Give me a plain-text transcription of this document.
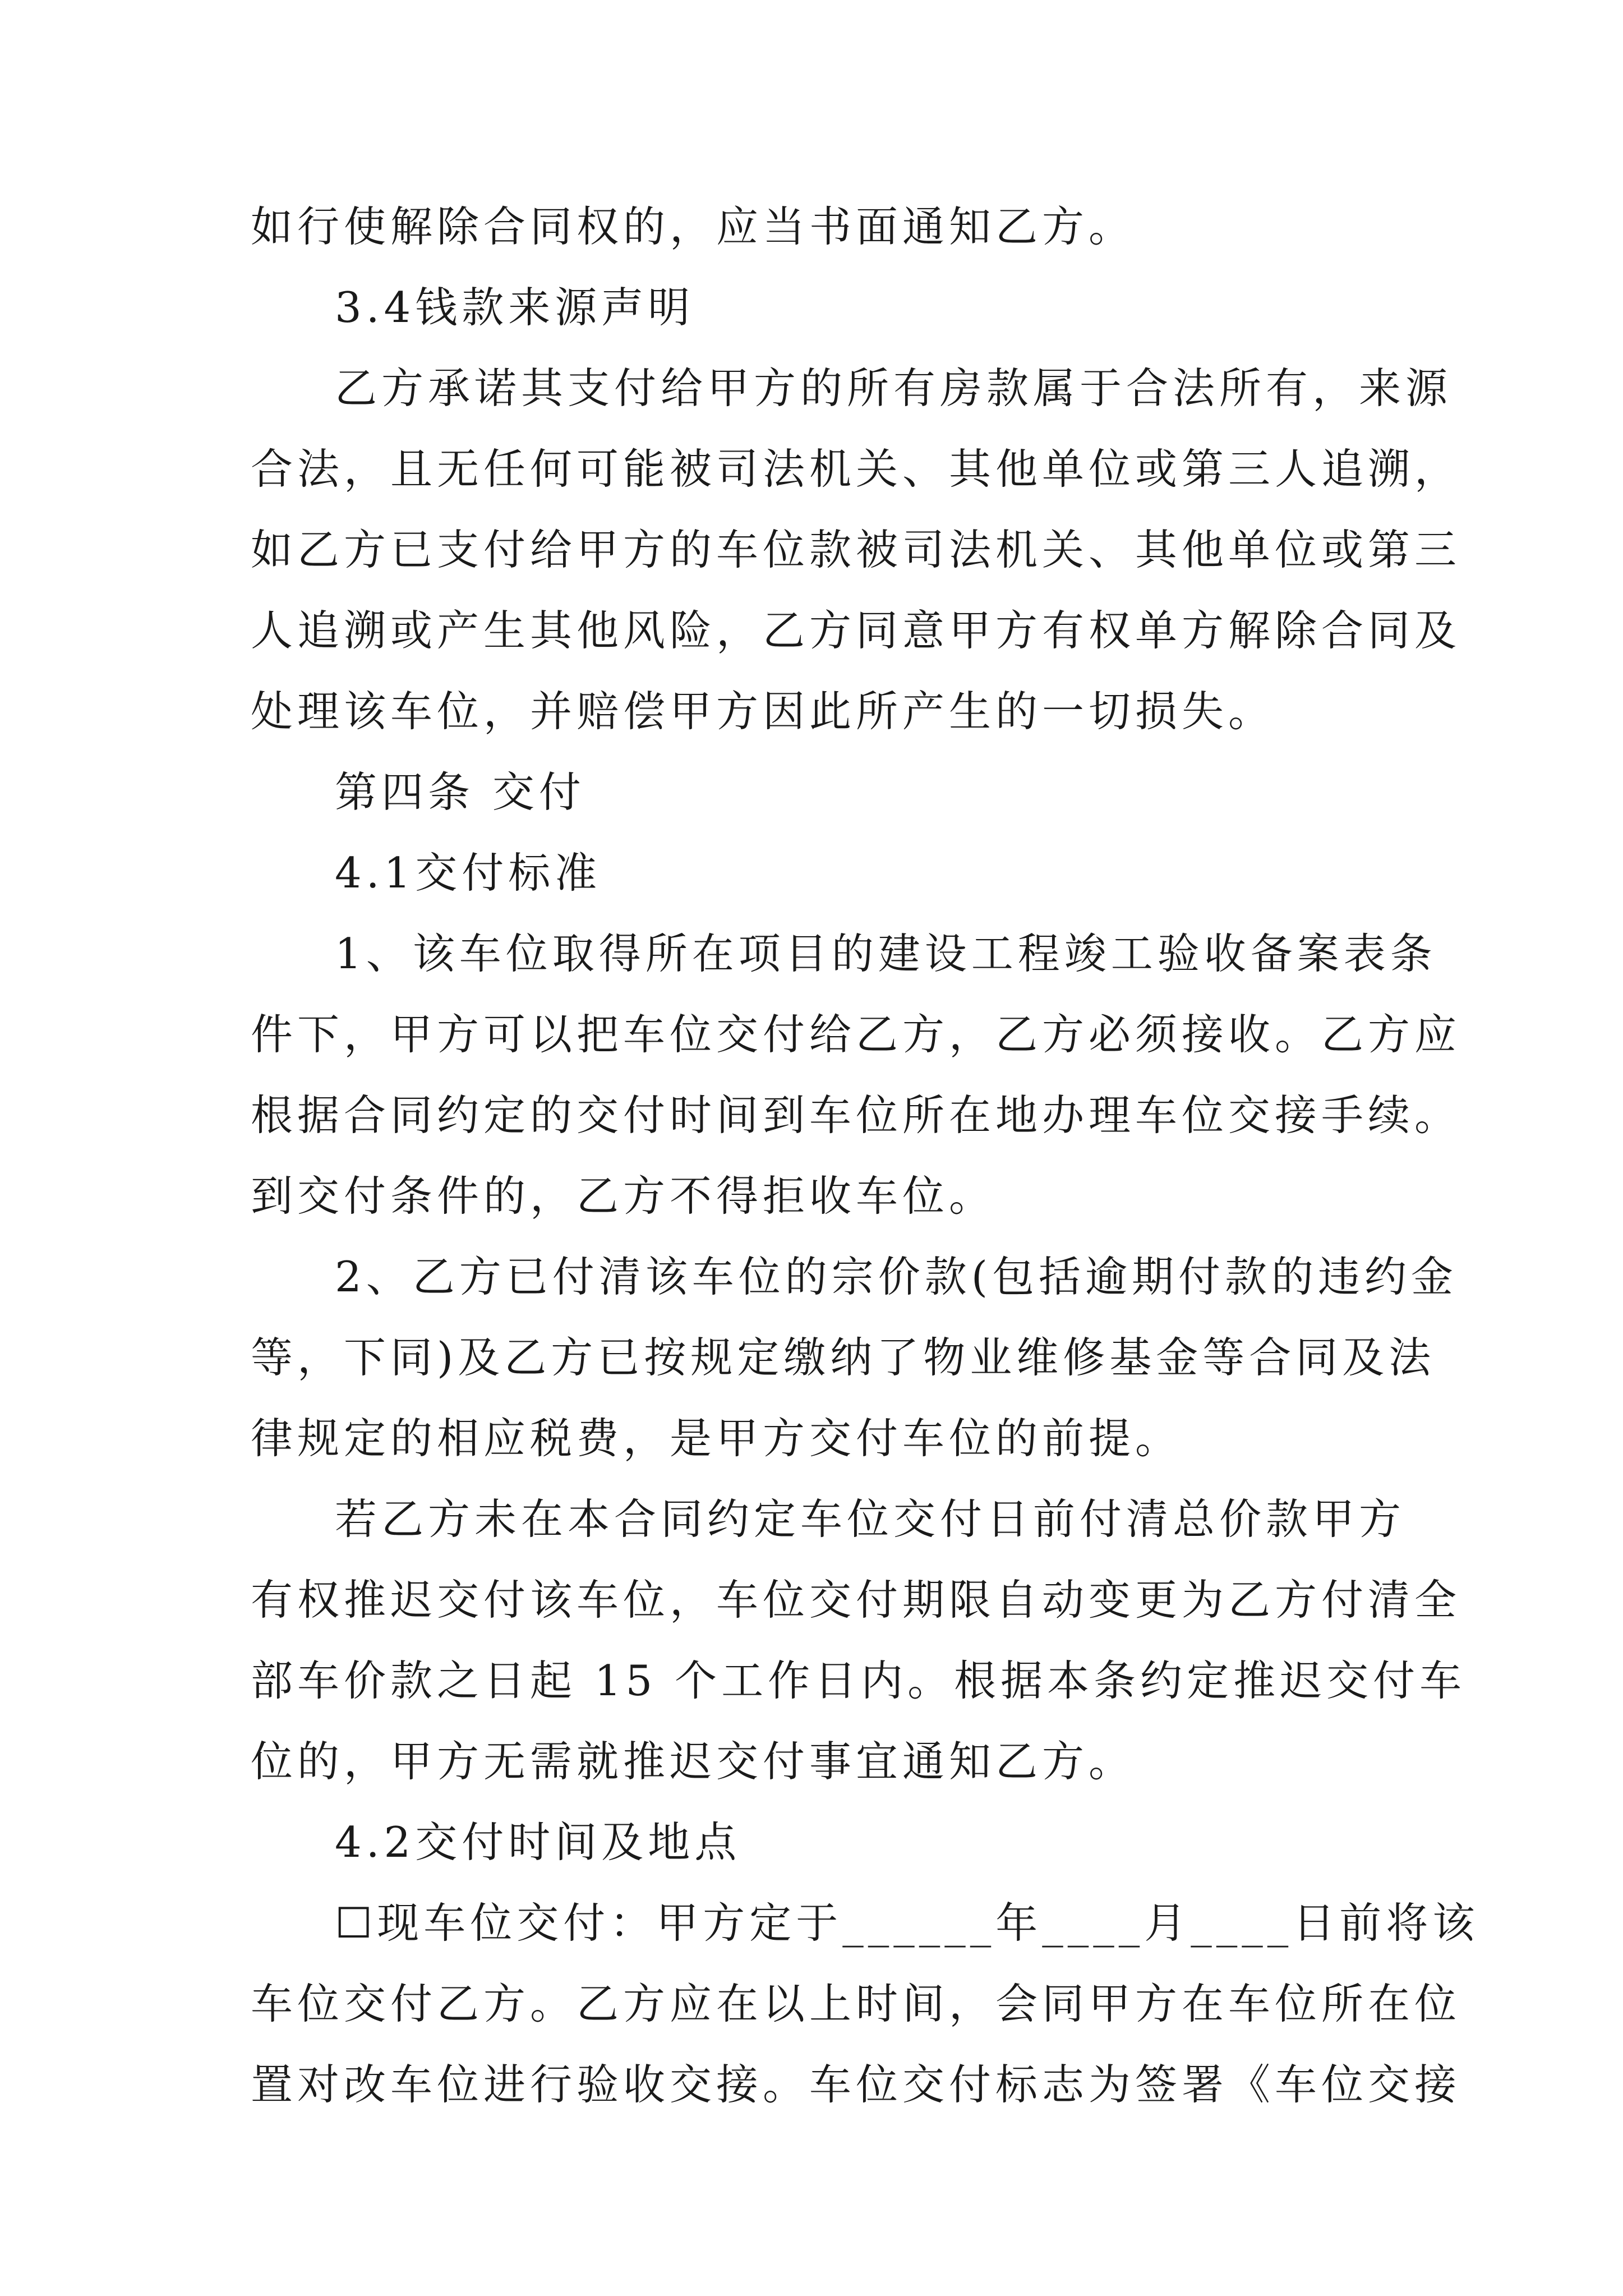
如行使解除合同权的，应当书面通知乙方。
3.4钱款来源声明
乙方承诺其支付给甲方的所有房款属于合法所有，来源
合法，且无任何可能被司法机关、其他单位或第三人追溯，
如乙方已支付给甲方的车位款被司法机关、其他单位或第三
人追溯或产生其他风险，乙方同意甲方有权单方解除合同及
处理该车位，并赔偿甲方因此所产生的一切损失。
第四条 交付
4.1交付标准
1、该车位取得所在项目的建设工程竣工验收备案表条
件下，甲方可以把车位交付给乙方，乙方必须接收。乙方应
根据合同约定的交付时间到车位所在地办理车位交接手续。
到交付条件的，乙方不得拒收车位。
2、乙方已付清该车位的宗价款(包括逾期付款的违约金
等，下同)及乙方已按规定缴纳了物业维修基金等合同及法
律规定的相应税费，是甲方交付车位的前提。
若乙方未在本合同约定车位交付日前付清总价款甲方
有权推迟交付该车位，车位交付期限自动变更为乙方付清全
部车价款之日起 15 个工作日内。根据本条约定推迟交付车
位的，甲方无需就推迟交付事宜通知乙方。
4.2交付时间及地点
☐现车位交付：甲方定于______年____月____日前将该
车位交付乙方。乙方应在以上时间，会同甲方在车位所在位
置对改车位进行验收交接。车位交付标志为签署《车位交接
